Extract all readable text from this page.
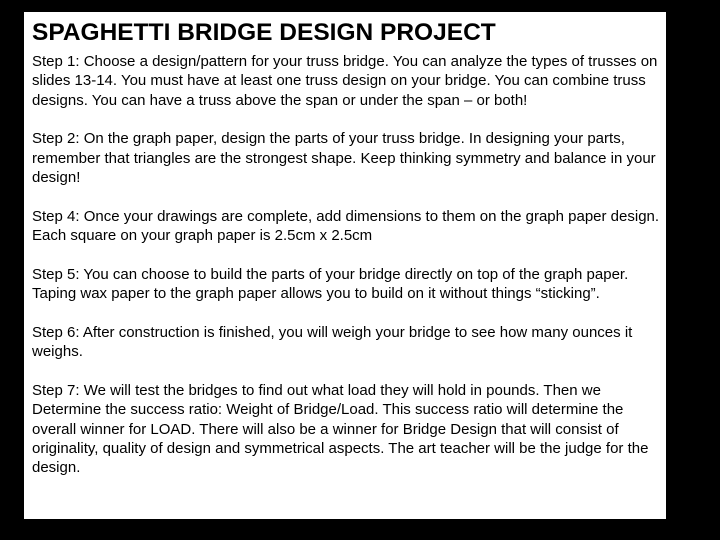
SPAGHETTI BRIDGE DESIGN PROJECT
Step 1: Choose a design/pattern for your truss bridge. You can analyze the types of trusses on slides 13-14. You must have at least one truss design on your bridge. You can combine truss designs. You can have a truss above the span or under the span – or both!
Step 2: On the graph paper, design the parts of your truss bridge. In designing your parts, remember that triangles are the strongest shape. Keep thinking symmetry and balance in your design!
Step 4: Once your drawings are complete, add dimensions to them on the graph paper design. Each square on your graph paper is 2.5cm x 2.5cm
Step 5: You can choose to build the parts of your bridge directly on top of the graph paper. Taping wax paper to the graph paper allows you to build on it without things “sticking”.
Step 6: After construction is finished, you will weigh your bridge to see how many ounces it weighs.
Step 7: We will test the bridges to find out what load they will hold in pounds. Then we Determine the success ratio: Weight of Bridge/Load. This success ratio will determine the overall winner for LOAD. There will also be a winner for Bridge Design that will consist of originality, quality of design and symmetrical aspects. The art teacher will be the judge for the design.
